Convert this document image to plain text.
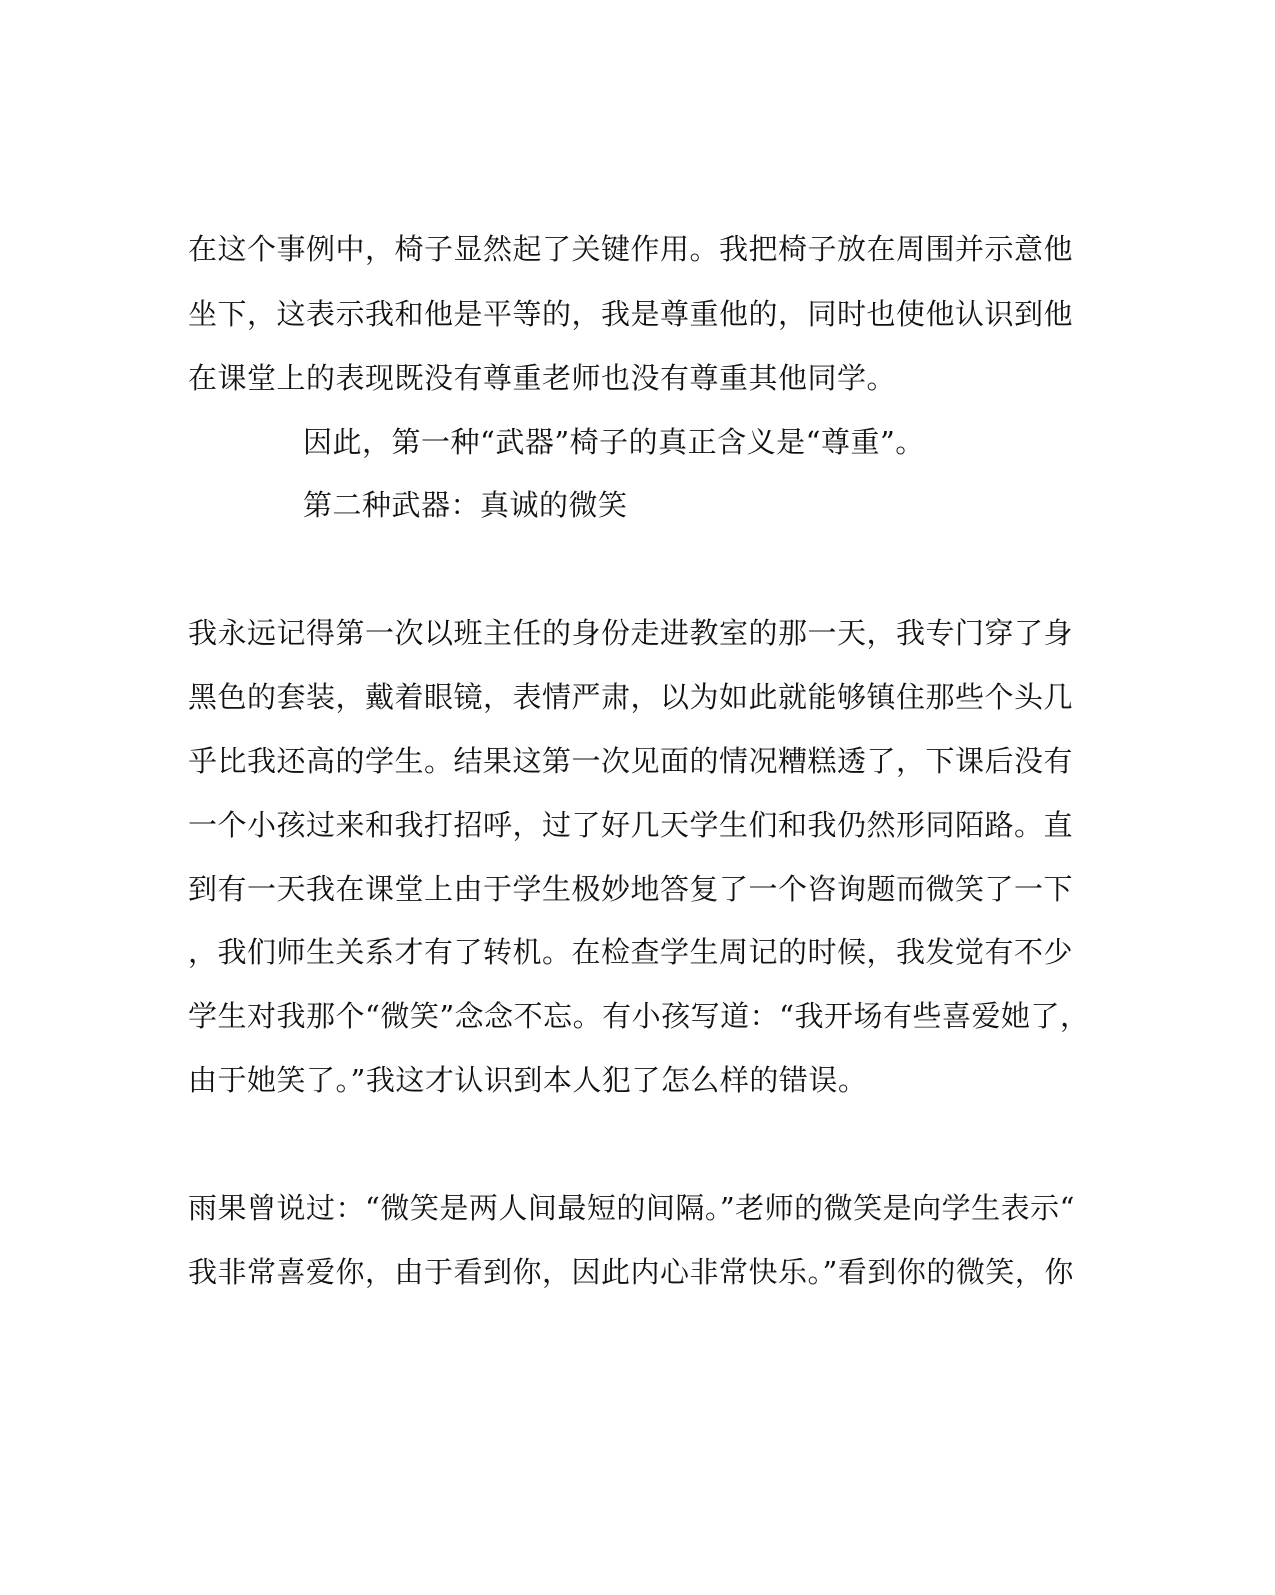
在这个事例中，椅子显然起了关键作用。我把椅子放在周围并示意他
坐下，这表示我和他是平等的，我是尊重他的，同时也使他认识到他
在课堂上的表现既没有尊重老师也没有尊重其他同学。
因此，第一种“武器”椅子的真正含义是“尊重”。
第二种武器：真诚的微笑
我永远记得第一次以班主任的身份走进教室的那一天，我专门穿了身
黑色的套装，戴着眼镜，表情严肃，以为如此就能够镇住那些个头几
乎比我还高的学生。结果这第一次见面的情况糟糕透了，下课后没有
一个小孩过来和我打招呼，过了好几天学生们和我仍然形同陌路。直
到有一天我在课堂上由于学生极妙地答复了一个咨询题而微笑了一下
，我们师生关系才有了转机。在检查学生周记的时候，我发觉有不少
学生对我那个“微笑”念念不忘。有小孩写道：“我开场有些喜爱她了，
由于她笑了。”我这才认识到本人犯了怎么样的错误。
雨果曾说过：“微笑是两人间最短的间隔。”老师的微笑是向学生表示“
我非常喜爱你，由于看到你，因此内心非常快乐。”看到你的微笑，你
